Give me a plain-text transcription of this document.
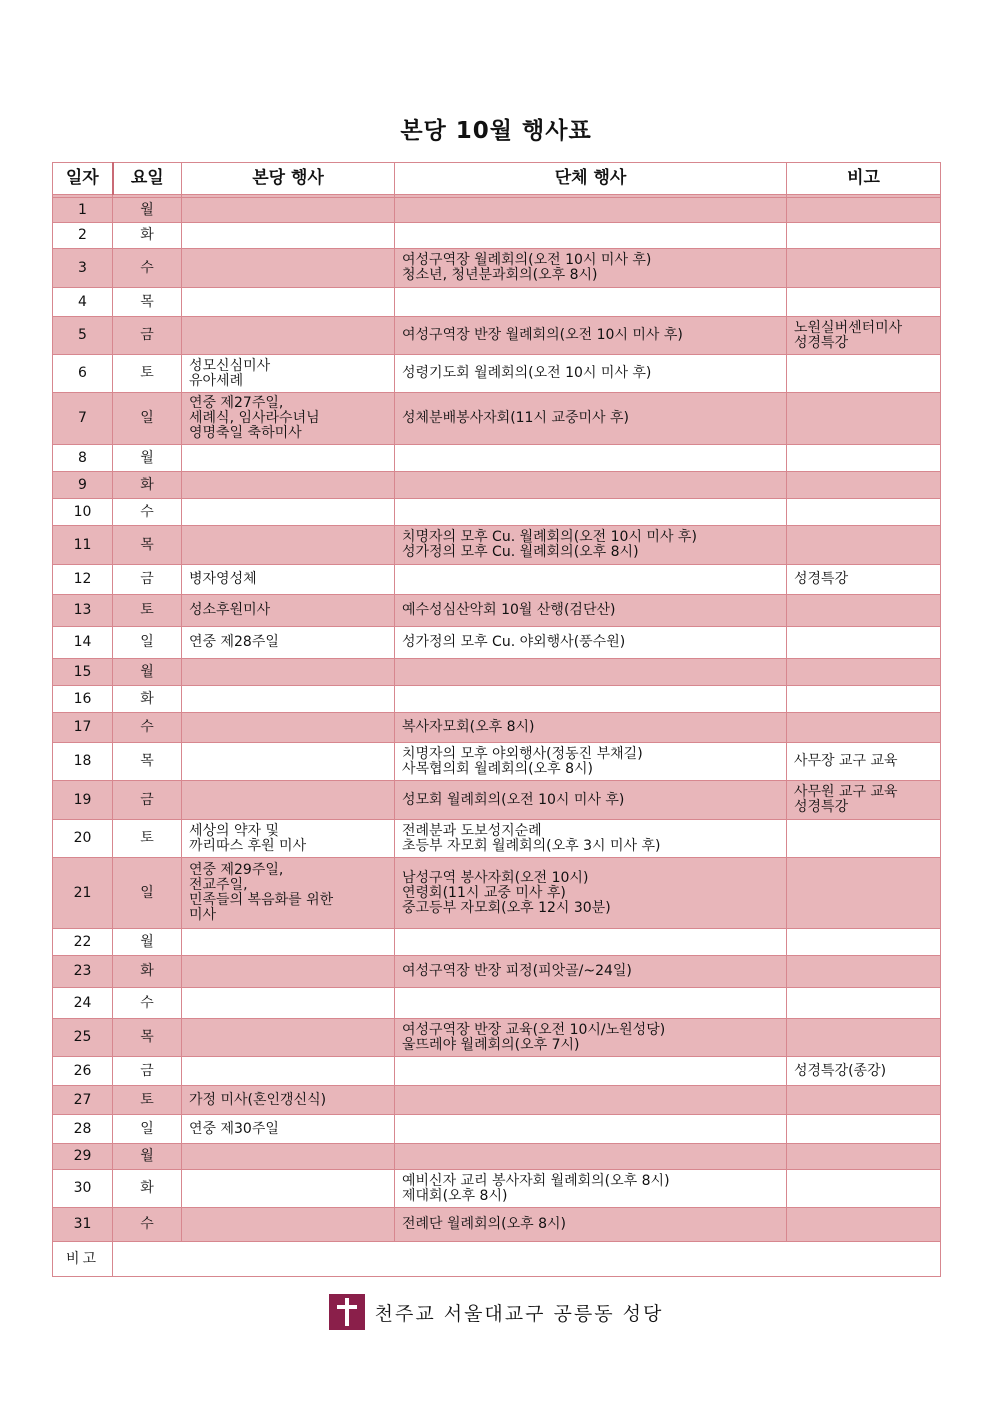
본당 10월 행사표
일자	요일	본당 행사	단체 행사	비고

1	월			
2	화			
3	수		여성구역장 월례회의(오전 10시 미사 후)
청소년, 청년분과회의(오후 8시)	

4	목			
5	금		여성구역장 반장 월례회의(오전 10시 미사 후)	노원실버센터미사
성경특강

6	토	성모신심미사
유아세례	성령기도회 월례회의(오전 10시 미사 후)	

7	일	연중 제27주일,
세례식, 임사라수녀님
영명축일 축하미사	성체분배봉사자회(11시 교중미사 후)	

8	월			
9	화			
10	수			
11	목		치명자의 모후 Cu. 월례회의(오전 10시 미사 후)
성가정의 모후 Cu. 월례회의(오후 8시)	

12	금	병자영성체		성경특강

13	토	성소후원미사	예수성심산악회 10월 산행(검단산)	

14	일	연중 제28주일	성가정의 모후 Cu. 야외행사(풍수원)	

15	월			
16	화			
17	수		복사자모회(오후 8시)	

18	목		치명자의 모후 야외행사(정동진 부채길)
사목협의회 월례회의(오후 8시)	사무장 교구 교육

19	금		성모회 월례회의(오전 10시 미사 후)	사무원 교구 교육
성경특강

20	토	세상의 약자 및
까리따스 후원 미사	전례분과 도보성지순례
초등부 자모회 월례회의(오후 3시 미사 후)	

21	일	연중 제29주일,
전교주일,
민족들의 복음화를 위한
미사	남성구역 봉사자회(오전 10시)
연령회(11시 교중 미사 후)
중고등부 자모회(오후 12시 30분)	

22	월			
23	화		여성구역장 반장 피정(피앗골/~24일)	

24	수			
25	목		여성구역장 반장 교육(오전 10시/노원성당)
울뜨레야 월례회의(오후 7시)	

26	금			성경특강(종강)

27	토	가정 미사(혼인갱신식)		

28	일	연중 제30주일		

29	월			
30	화		예비신자 교리 봉사자회 월례회의(오후 8시)
제대회(오후 8시)	

31	수		전례단 월례회의(오후 8시)	

비고				
천주교 서울대교구 공릉동 성당
